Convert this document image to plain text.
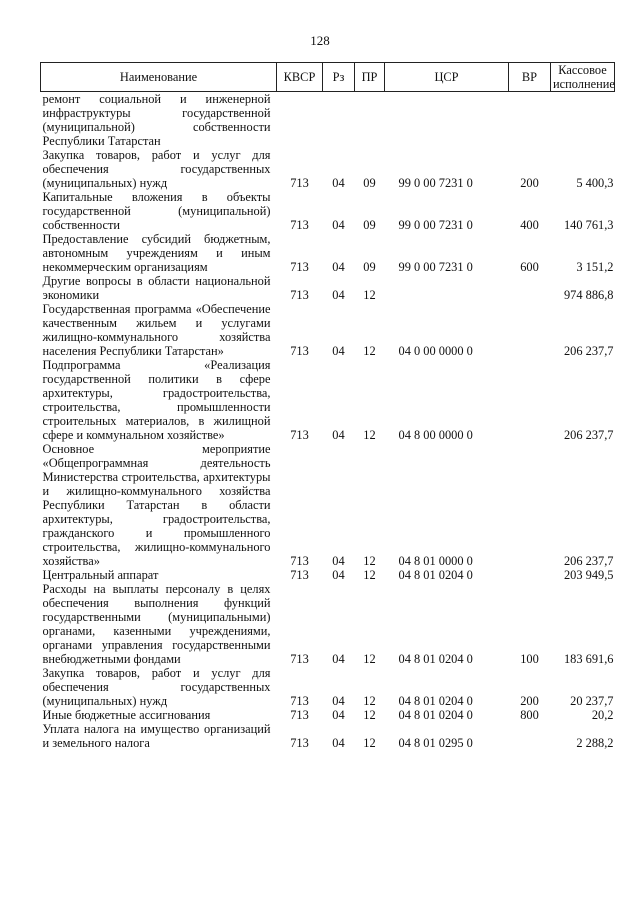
128
Наименование	КВСР	Рз	ПР	ЦСР	ВР	Кассовое исполнение
ремонт социальной и инженерной инфраструктуры государственной (муниципальной) собственности Республики Татарстан						
Закупка товаров, работ и услуг для обеспечения государственных (муниципальных) нужд	713	04	09	99 0 00 7231 0	200	5 400,3
Капитальные вложения в объекты государственной (муниципальной) собственности	713	04	09	99 0 00 7231 0	400	140 761,3
Предоставление субсидий бюджетным, автономным учреждениям и иным некоммерческим организациям	713	04	09	99 0 00 7231 0	600	3 151,2
Другие вопросы в области национальной экономики	713	04	12			974 886,8
Государственная программа «Обеспечение качественным жильем и услугами жилищно-коммунального хозяйства населения Республики Татарстан»	713	04	12	04 0 00 0000 0		206 237,7
Подпрограмма «Реализация государственной политики в сфере архитектуры, градостроительства, строительства, промышленности строительных материалов, в жилищной сфере и коммунальном хозяйстве»	713	04	12	04 8 00 0000 0		206 237,7
Основное мероприятие «Общепрограммная деятельность Министерства строительства, архитектуры и жилищно-коммунального хозяйства Республики Татарстан в области архитектуры, градостроительства, гражданского и промышленного строительства, жилищно-коммунального хозяйства»	713	04	12	04 8 01 0000 0		206 237,7
Центральный аппарат	713	04	12	04 8 01 0204 0		203 949,5
Расходы на выплаты персоналу в целях обеспечения выполнения функций государственными (муниципальными) органами, казенными учреждениями, органами управления государственными внебюджетными фондами	713	04	12	04 8 01 0204 0	100	183 691,6
Закупка товаров, работ и услуг для обеспечения государственных (муниципальных) нужд	713	04	12	04 8 01 0204 0	200	20 237,7
Иные бюджетные ассигнования	713	04	12	04 8 01 0204 0	800	20,2
Уплата налога на имущество организаций и земельного налога	713	04	12	04 8 01 0295 0		2 288,2
